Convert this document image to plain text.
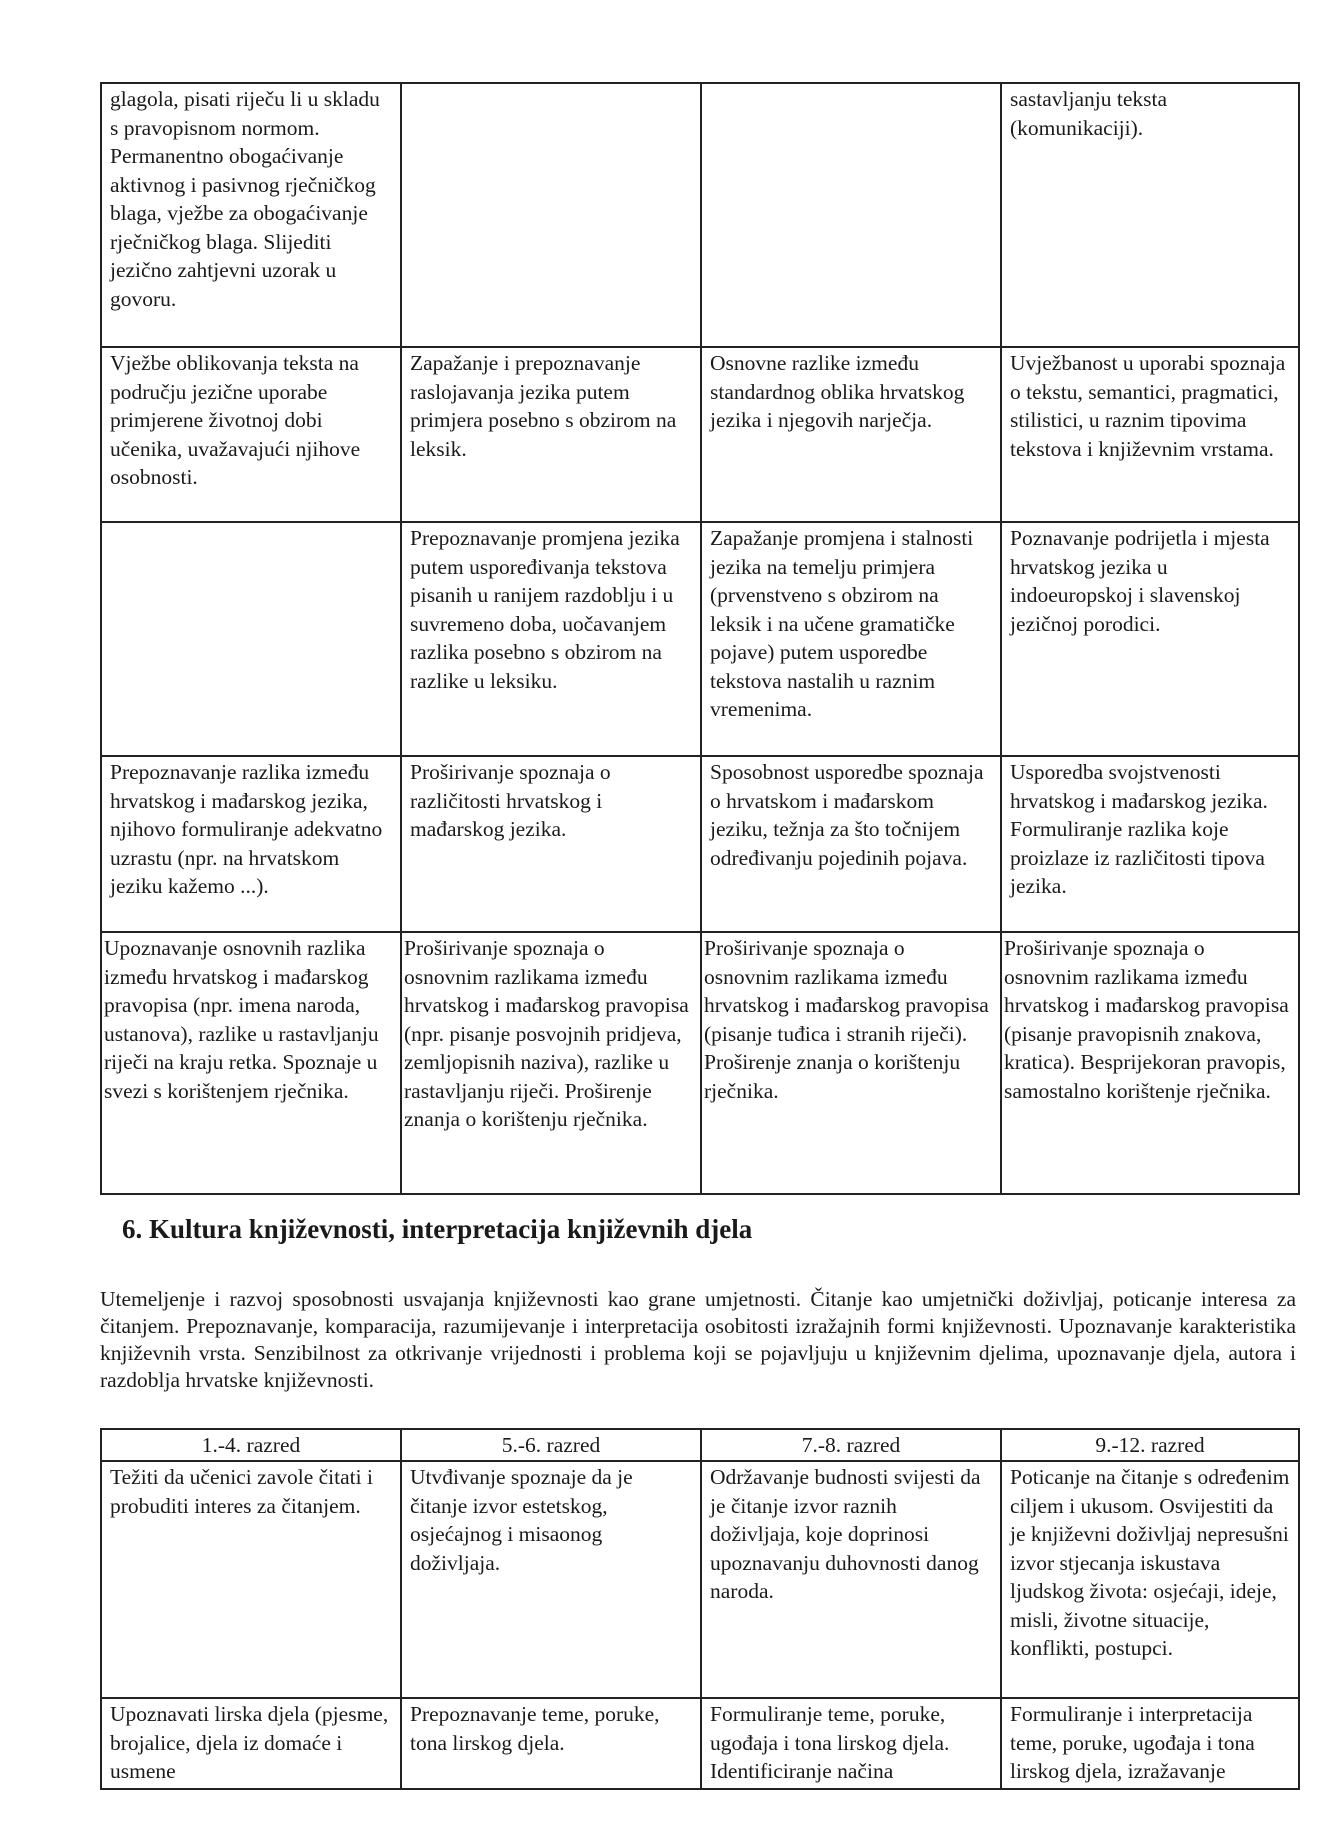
glagola, pisati riječu li u skladu s pravopisnom normom. Permanentno obogaćivanje aktivnog i pasivnog rječničkog blaga, vježbe za obogaćivanje rječničkog blaga. Slijediti jezično zahtjevni uzorak u govoru.			sastavljanju teksta (komunikaciji).
Vježbe oblikovanja teksta na području jezične uporabe primjerene životnoj dobi učenika, uvažavajući njihove osobnosti.	Zapažanje i prepoznavanje raslojavanja jezika putem primjera posebno s obzirom na leksik.	Osnovne razlike između standardnog oblika hrvatskog jezika i njegovih narječja.	Uvježbanost u uporabi spoznaja o tekstu, semantici, pragmatici, stilistici, u raznim tipovima tekstova i književnim vrstama.
	Prepoznavanje promjena jezika putem uspoređivanja tekstova pisanih u ranijem razdoblju i u suvremeno doba, uočavanjem razlika posebno s obzirom na razlike u leksiku.	Zapažanje promjena i stalnosti jezika na temelju primjera (prvenstveno s obzirom na leksik i na učene gramatičke pojave) putem usporedbe tekstova nastalih u raznim vremenima.	Poznavanje podrijetla i mjesta hrvatskog jezika u indoeuropskoj i slavenskoj jezičnoj porodici.
Prepoznavanje razlika između hrvatskog i mađarskog jezika, njihovo formuliranje adekvatno uzrastu (npr. na hrvatskom jeziku kažemo ...).	Proširivanje spoznaja o različitosti hrvatskog i mađarskog jezika.	Sposobnost usporedbe spoznaja o hrvatskom i mađarskom jeziku, težnja za što točnijem određivanju pojedinih pojava.	Usporedba svojstvenosti hrvatskog i mađarskog jezika. Formuliranje razlika koje proizlaze iz različitosti tipova jezika.
Upoznavanje osnovnih razlika između hrvatskog i mađarskog pravopisa (npr. imena naroda, ustanova), razlike u rastavljanju riječi na kraju retka. Spoznaje u svezi s korištenjem rječnika.	Proširivanje spoznaja o osnovnim razlikama između hrvatskog i mađarskog pravopisa (npr. pisanje posvojnih pridjeva, zemljopisnih naziva), razlike u rastavljanju riječi. Proširenje znanja o korištenju rječnika.	Proširivanje spoznaja o osnovnim razlikama između hrvatskog i mađarskog pravopisa (pisanje tuđica i stranih riječi). Proširenje znanja o korištenju rječnika.	Proširivanje spoznaja o osnovnim razlikama između hrvatskog i mađarskog pravopisa (pisanje pravopisnih znakova, kratica). Besprijekoran pravopis, samostalno korištenje rječnika.
6. Kultura književnosti, interpretacija književnih djela

Utemeljenje i razvoj sposobnosti usvajanja književnosti kao grane umjetnosti. Čitanje kao umjetnički doživljaj, poticanje interesa za čitanjem. Prepoznavanje, komparacija, razumijevanje i interpretacija osobitosti izražajnih formi književnosti. Upoznavanje karakteristika književnih vrsta. Senzibilnost za otkrivanje vrijednosti i problema koji se pojavljuju u književnim djelima, upoznavanje djela, autora i razdoblja hrvatske književnosti.

1.-4. razred	5.-6. razred	7.-8. razred	9.-12. razred
Težiti da učenici zavole čitati i probuditi interes za čitanjem.	Utvđivanje spoznaje da je čitanje izvor estetskog, osjećajnog i misaonog doživljaja.	Održavanje budnosti svijesti da je čitanje izvor raznih doživljaja, koje doprinosi upoznavanju duhovnosti danog naroda.	Poticanje na čitanje s određenim ciljem i ukusom. Osvijestiti da je književni doživljaj nepresušni izvor stjecanja iskustava ljudskog života: osjećaji, ideje, misli, životne situacije, konflikti, postupci.
Upoznavati lirska djela (pjesme, brojalice, djela iz domaće i usmene	Prepoznavanje teme, poruke, tona lirskog djela.	Formuliranje teme, poruke, ugođaja i tona lirskog djela. Identificiranje načina	Formuliranje i interpretacija teme, poruke, ugođaja i tona lirskog djela, izražavanje
